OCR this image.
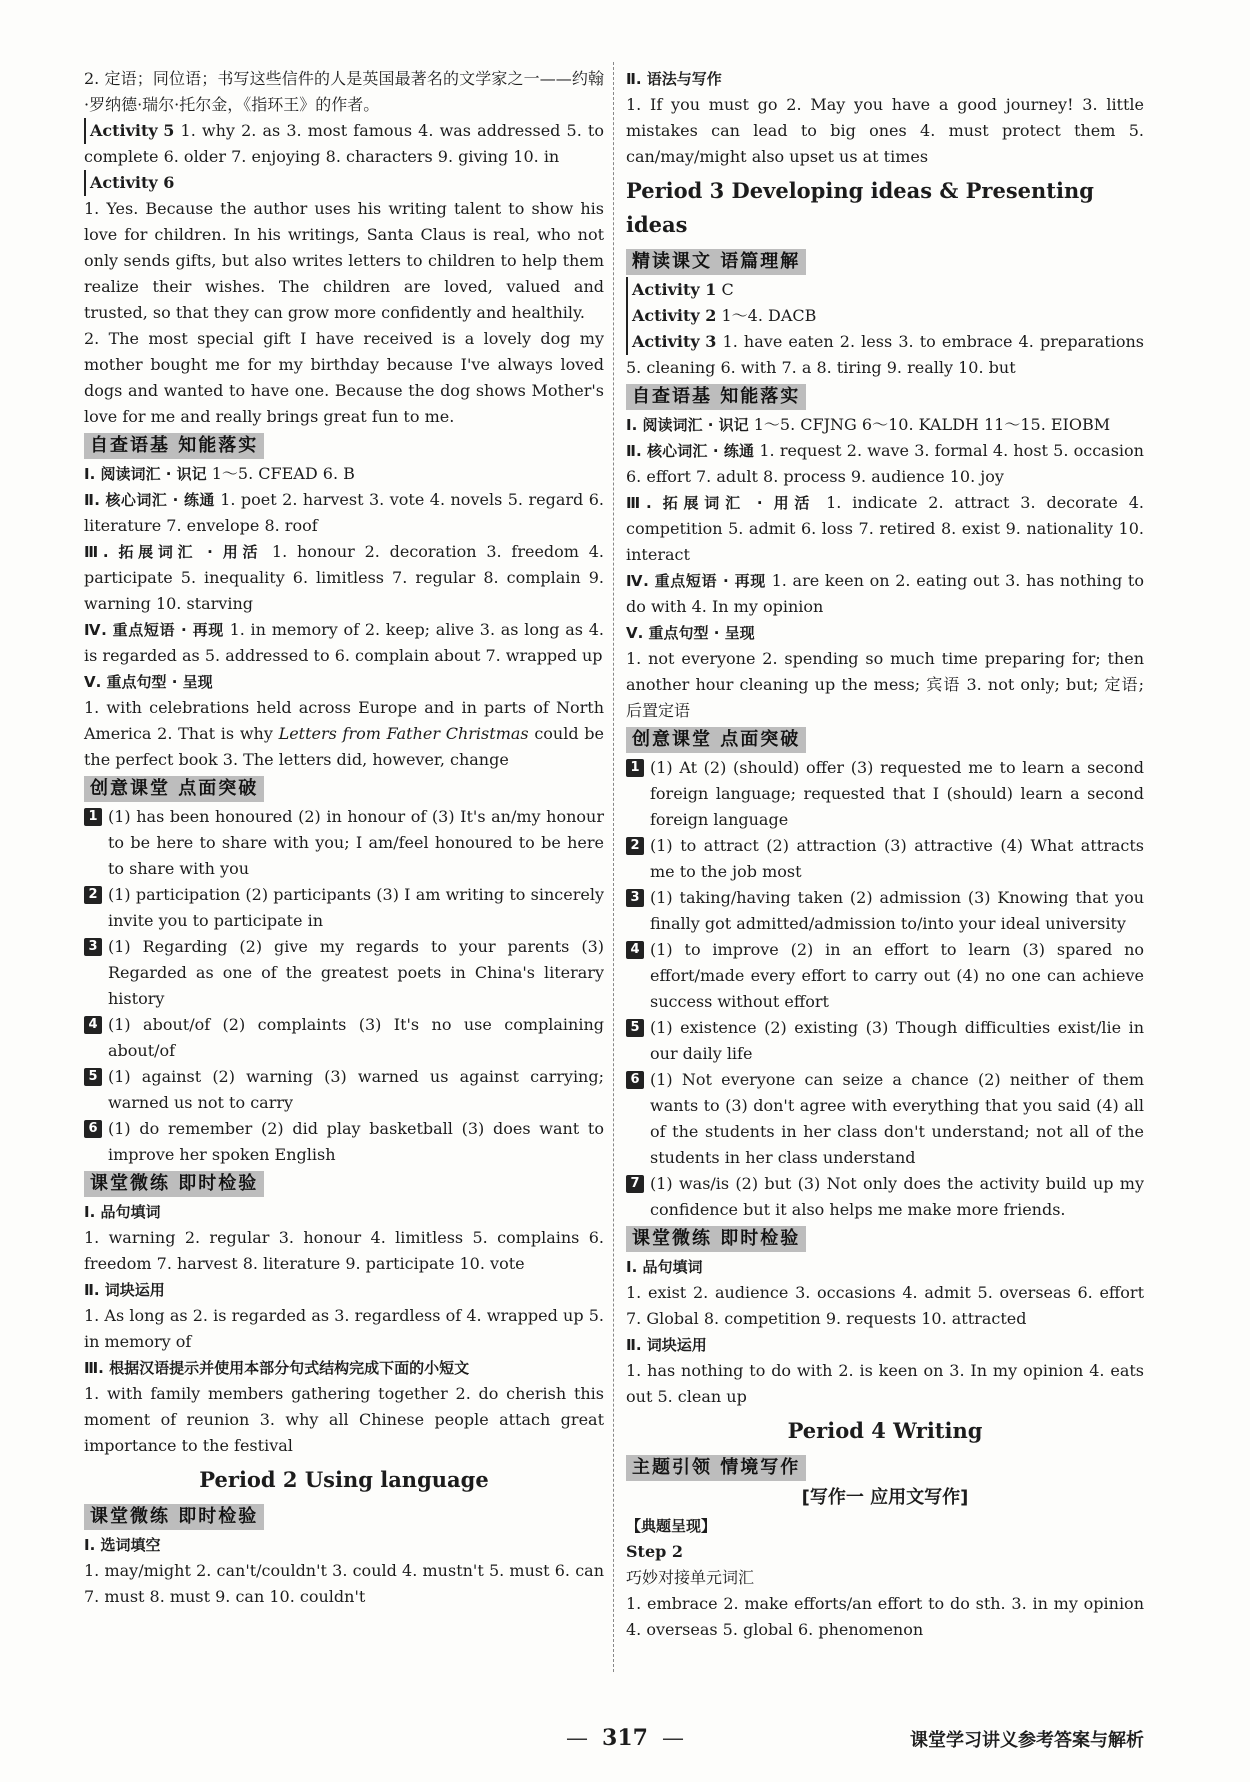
2. 定语；同位语；书写这些信件的人是英国最著名的文学家之一——约翰·罗纳德·瑞尔·托尔金，《指环王》的作者。

Activity 5 1. why 2. as 3. most famous 4. was addressed 5. to complete 6. older 7. enjoying 8. characters 9. giving 10. in

Activity 6

1. Yes. Because the author uses his writing talent to show his love for children. In his writings, Santa Claus is real, who not only sends gifts, but also writes letters to children to help them realize their wishes. The children are loved, valued and trusted, so that they can grow more confidently and healthily.

2. The most special gift I have received is a lovely dog my mother bought me for my birthday because I've always loved dogs and wanted to have one. Because the dog shows Mother's love for me and really brings great fun to me.

自查语基 知能落实

Ⅰ. 阅读词汇 · 识记 1～5. CFEAD 6. B

Ⅱ. 核心词汇 · 练通 1. poet 2. harvest 3. vote 4. novels 5. regard 6. literature 7. envelope 8. roof

Ⅲ. 拓展词汇 · 用活 1. honour 2. decoration 3. freedom 4. participate 5. inequality 6. limitless 7. regular 8. complain 9. warning 10. starving

Ⅳ. 重点短语 · 再现 1. in memory of 2. keep; alive 3. as long as 4. is regarded as 5. addressed to 6. complain about 7. wrapped up

Ⅴ. 重点句型 · 呈现

1. with celebrations held across Europe and in parts of North America 2. That is why Letters from Father Christmas could be the perfect book 3. The letters did, however, change

创意课堂 点面突破
1 (1) has been honoured (2) in honour of (3) It's an/my honour to be here to share with you; I am/feel honoured to be here to share with you
2 (1) participation (2) participants (3) I am writing to sincerely invite you to participate in
3 (1) Regarding (2) give my regards to your parents (3) Regarded as one of the greatest poets in China's literary history
4 (1) about/of (2) complaints (3) It's no use complaining about/of
5 (1) against (2) warning (3) warned us against carrying; warned us not to carry
6 (1) do remember (2) did play basketball (3) does want to improve her spoken English
课堂微练 即时检验

Ⅰ. 品句填词

1. warning 2. regular 3. honour 4. limitless 5. complains 6. freedom 7. harvest 8. literature 9. participate 10. vote

Ⅱ. 词块运用

1. As long as 2. is regarded as 3. regardless of 4. wrapped up 5. in memory of

Ⅲ. 根据汉语提示并使用本部分句式结构完成下面的小短文

1. with family members gathering together 2. do cherish this moment of reunion 3. why all Chinese people attach great importance to the festival

Period 2 Using language
课堂微练 即时检验

Ⅰ. 选词填空

1. may/might 2. can't/couldn't 3. could 4. mustn't 5. must 6. can 7. must 8. must 9. can 10. couldn't

Ⅱ. 语法与写作

1. If you must go 2. May you have a good journey! 3. little mistakes can lead to big ones 4. must protect them 5. can/may/might also upset us at times

Period 3 Developing ideas & Presenting ideas
精读课文 语篇理解

Activity 1 C

Activity 2 1～4. DACB

Activity 3 1. have eaten 2. less 3. to embrace 4. preparations 5. cleaning 6. with 7. a 8. tiring 9. really 10. but

自查语基 知能落实

Ⅰ. 阅读词汇 · 识记 1～5. CFJNG 6～10. KALDH 11～15. EIOBM

Ⅱ. 核心词汇 · 练通 1. request 2. wave 3. formal 4. host 5. occasion 6. effort 7. adult 8. process 9. audience 10. joy

Ⅲ. 拓展词汇 · 用活 1. indicate 2. attract 3. decorate 4. competition 5. admit 6. loss 7. retired 8. exist 9. nationality 10. interact

Ⅳ. 重点短语 · 再现 1. are keen on 2. eating out 3. has nothing to do with 4. In my opinion

Ⅴ. 重点句型 · 呈现

1. not everyone 2. spending so much time preparing for; then another hour cleaning up the mess; 宾语 3. not only; but; 定语; 后置定语

创意课堂 点面突破
1 (1) At (2) (should) offer (3) requested me to learn a second foreign language; requested that I (should) learn a second foreign language
2 (1) to attract (2) attraction (3) attractive (4) What attracts me to the job most
3 (1) taking/having taken (2) admission (3) Knowing that you finally got admitted/admission to/into your ideal university
4 (1) to improve (2) in an effort to learn (3) spared no effort/made every effort to carry out (4) no one can achieve success without effort
5 (1) existence (2) existing (3) Though difficulties exist/lie in our daily life
6 (1) Not everyone can seize a chance (2) neither of them wants to (3) don't agree with everything that you said (4) all of the students in her class don't understand; not all of the students in her class understand
7 (1) was/is (2) but (3) Not only does the activity build up my confidence but it also helps me make more friends.
课堂微练 即时检验

Ⅰ. 品句填词

1. exist 2. audience 3. occasions 4. admit 5. overseas 6. effort 7. Global 8. competition 9. requests 10. attracted

Ⅱ. 词块运用

1. has nothing to do with 2. is keen on 3. In my opinion 4. eats out 5. clean up

Period 4 Writing
主题引领 情境写作
[写作一 应用文写作]

【典题呈现】

Step 2

巧妙对接单元词汇

1. embrace 2. make efforts/an effort to do sth. 3. in my opinion 4. overseas 5. global 6. phenomenon

— 317 —	课堂学习讲义参考答案与解析
